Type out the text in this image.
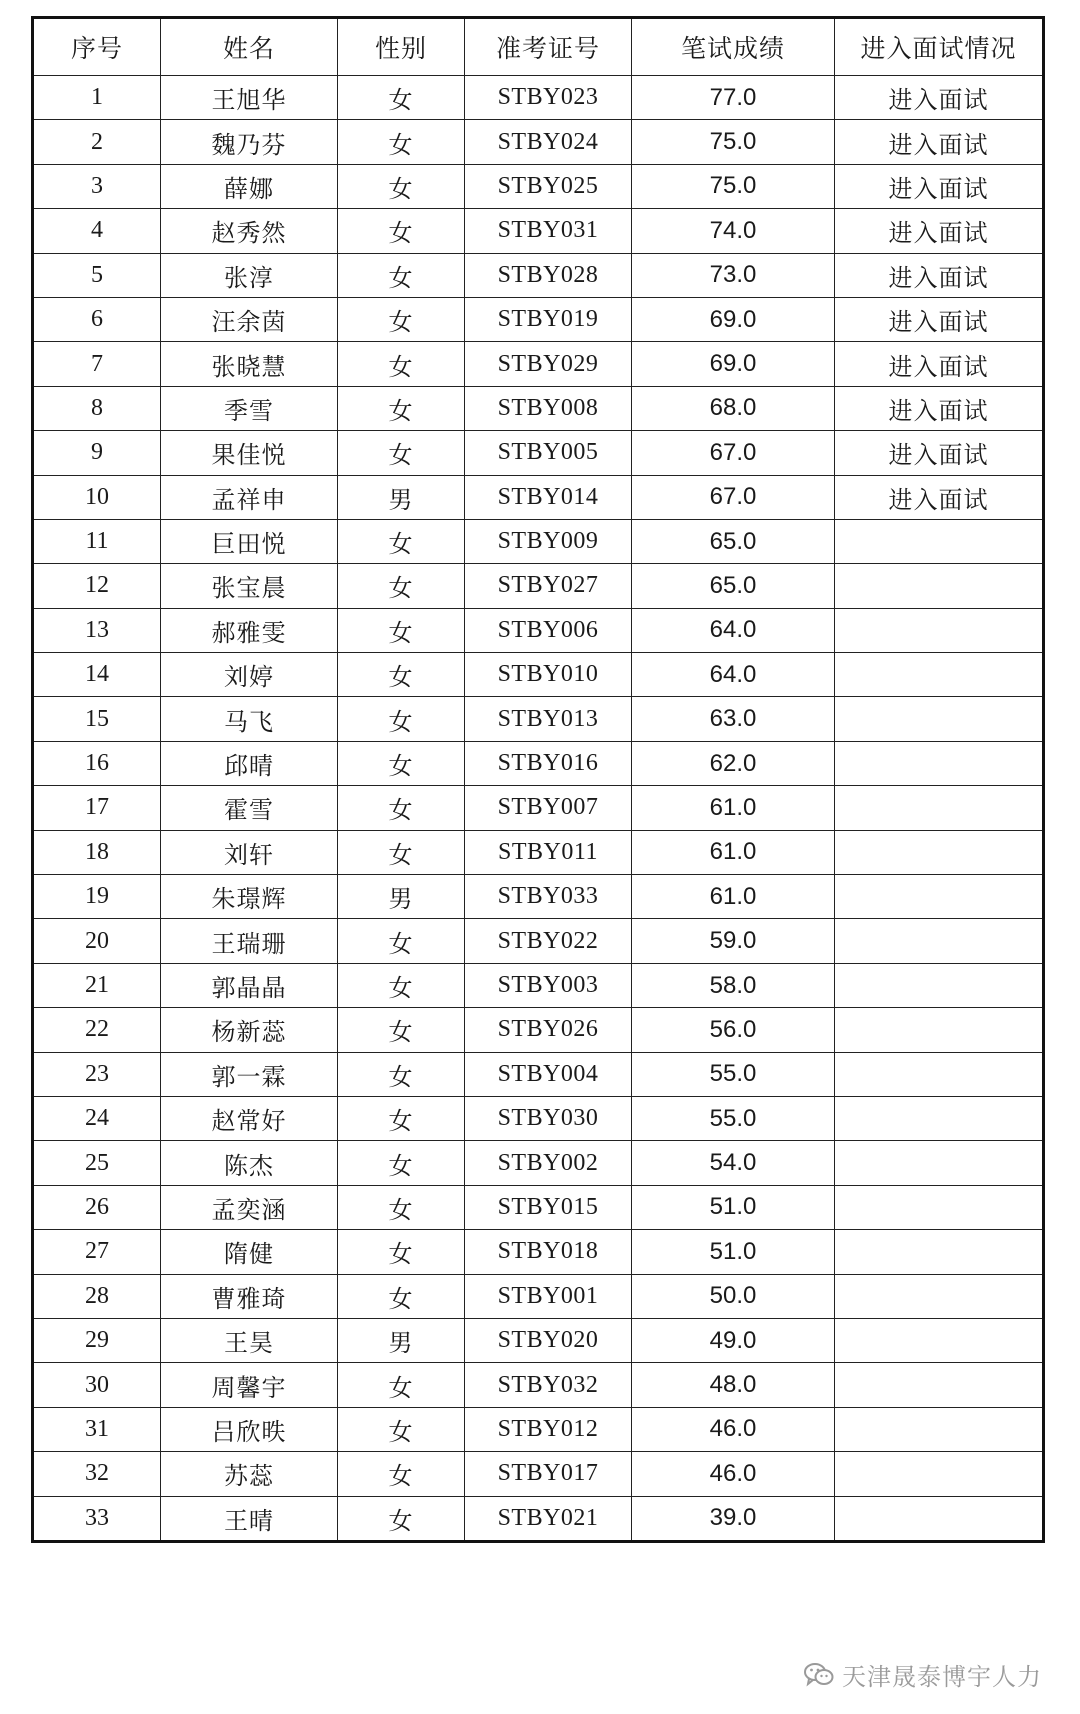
序号	姓名	性别	准考证号	笔试成绩	进入面试情况
1	王旭华	女	STBY023	77.0	进入面试
2	魏乃芬	女	STBY024	75.0	进入面试
3	薛娜	女	STBY025	75.0	进入面试
4	赵秀然	女	STBY031	74.0	进入面试
5	张淳	女	STBY028	73.0	进入面试
6	汪余茵	女	STBY019	69.0	进入面试
7	张晓慧	女	STBY029	69.0	进入面试
8	季雪	女	STBY008	68.0	进入面试
9	果佳悦	女	STBY005	67.0	进入面试
10	孟祥申	男	STBY014	67.0	进入面试
11	巨田悦	女	STBY009	65.0	
12	张宝晨	女	STBY027	65.0	
13	郝雅雯	女	STBY006	64.0	
14	刘婷	女	STBY010	64.0	
15	马飞	女	STBY013	63.0	
16	邱晴	女	STBY016	62.0	
17	霍雪	女	STBY007	61.0	
18	刘轩	女	STBY011	61.0	
19	朱璟辉	男	STBY033	61.0	
20	王瑞珊	女	STBY022	59.0	
21	郭晶晶	女	STBY003	58.0	
22	杨新蕊	女	STBY026	56.0	
23	郭一霖	女	STBY004	55.0	
24	赵常好	女	STBY030	55.0	
25	陈杰	女	STBY002	54.0	
26	孟奕涵	女	STBY015	51.0	
27	隋健	女	STBY018	51.0	
28	曹雅琦	女	STBY001	50.0	
29	王昊	男	STBY020	49.0	
30	周馨宇	女	STBY032	48.0	
31	吕欣昳	女	STBY012	46.0	
32	苏蕊	女	STBY017	46.0	
33	王晴	女	STBY021	39.0	
天津晟泰博宇人力
